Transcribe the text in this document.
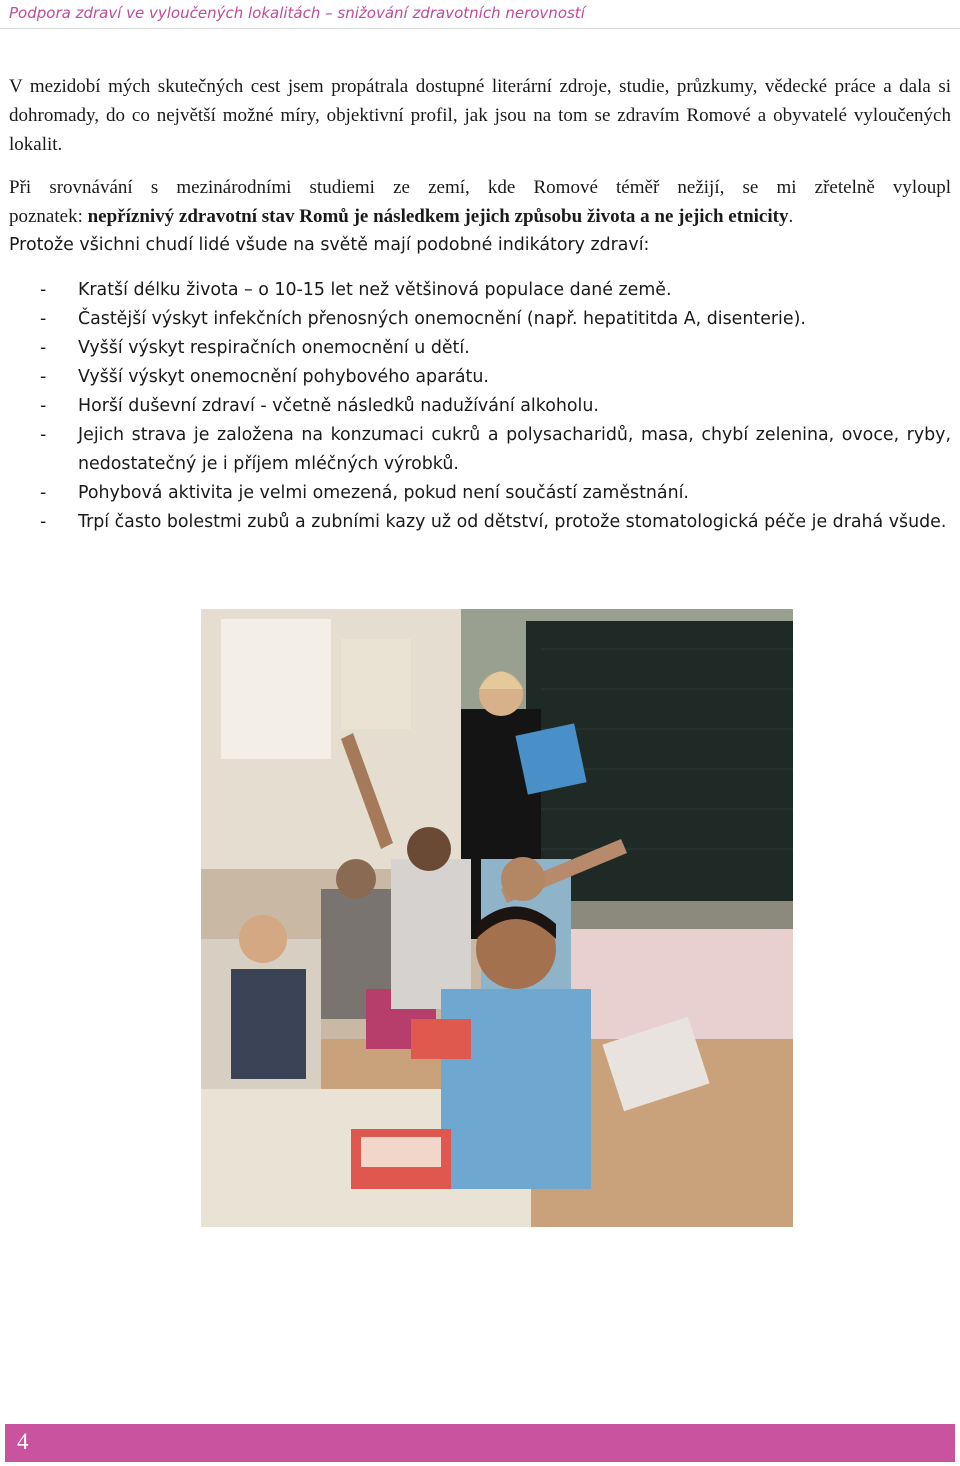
Podpora zdraví ve vyloučených lokalitách – snižování zdravotních nerovností

V mezidobí mých skutečných cest jsem propátrala dostupné literární zdroje, studie, průzkumy, vědecké práce a dala si dohromady, do co největší možné míry, objektivní profil, jak jsou na tom se zdravím Romové a obyvatelé vyloučených lokalit.

Při srovnávání s mezinárodními studiemi ze zemí, kde Romové téměř nežijí, se mi zřetelně vyloupl
poznatek: nepříznivý zdravotní stav Romů je následkem jejich způsobu života a ne jejich etnicity.
Protože všichni chudí lidé všude na světě mají podobné indikátory zdraví:
- Kratší délku života – o 10-15 let než většinová populace dané země.
- Častější výskyt infekčních přenosných onemocnění (např. hepatititda A, disenterie).
- Vyšší výskyt respiračních onemocnění u dětí.
- Vyšší výskyt onemocnění pohybového aparátu.
- Horší duševní zdraví - včetně následků nadužívání alkoholu.
- Jejich strava je založena na konzumaci cukrů a polysacharidů, masa, chybí zelenina, ovoce, ryby, nedostatečný je i příjem mléčných výrobků.
- Pohybová aktivita je velmi omezená, pokud není součástí zaměstnání.
- Trpí často bolestmi zubů a zubními kazy už od dětství, protože stomatologická péče je drahá všude.
4
